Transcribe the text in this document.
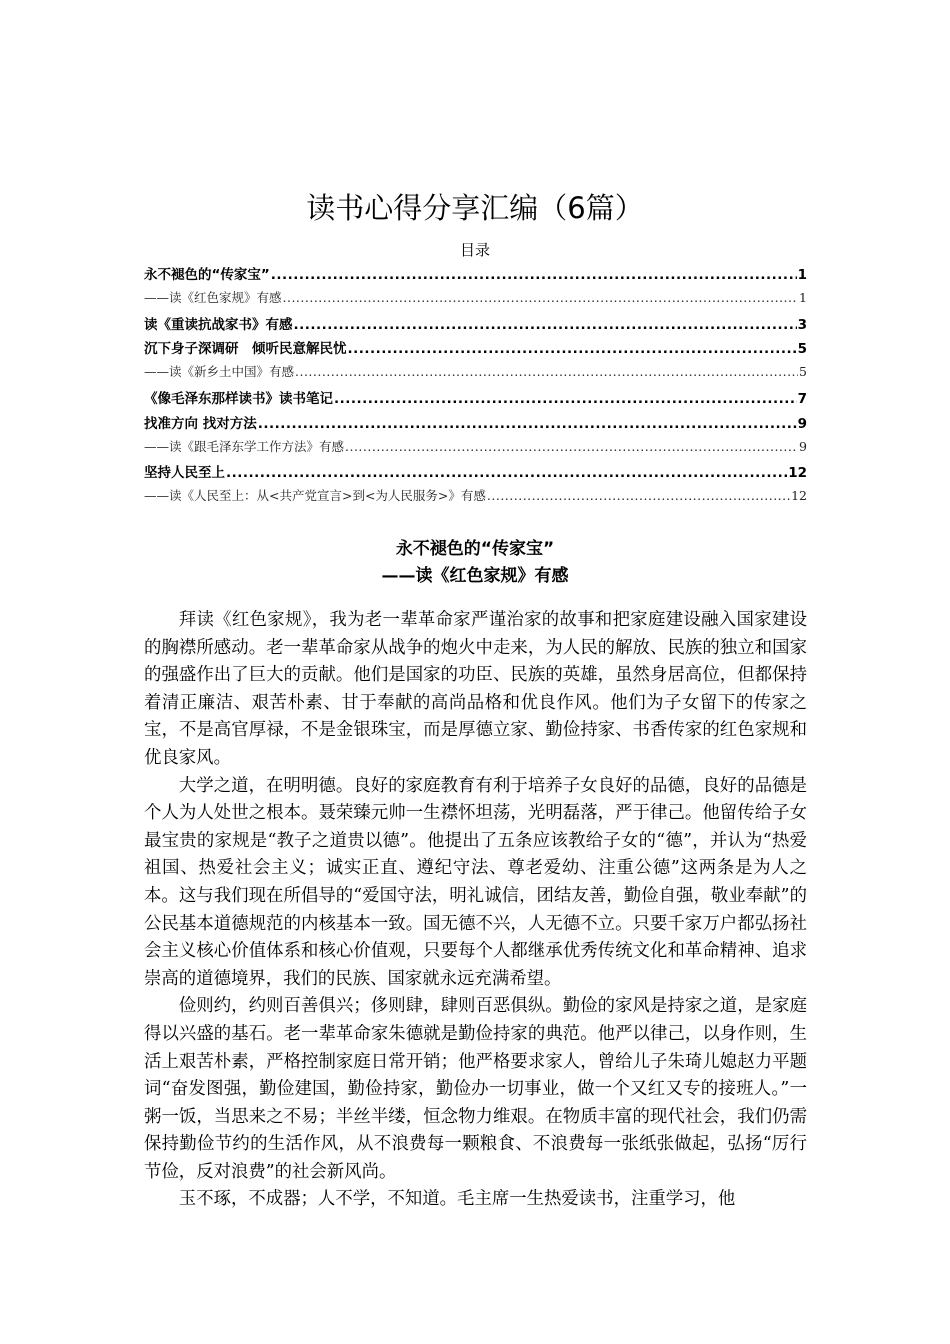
读书心得分享汇编（6篇）
目录
永不褪色的“传家宝” .....	1
——读《红色家规》有感 .....	1
读《重读抗战家书》有感 .....	3
沉下身子深调研　倾听民意解民忧 .....	5
——读《新乡土中国》有感 .....	5
《像毛泽东那样读书》读书笔记 .....	7
找准方向 找对方法 .....	9
——读《跟毛泽东学工作方法》有感 .....	9
坚持人民至上 .....	12
——读《人民至上：从<共产党宣言>到<为人民服务>》有感 .....	12
永不褪色的“传家宝”
——读《红色家规》有感

拜读《红色家规》，我为老一辈革命家严谨治家的故事和把家庭建设融入国家建设的胸襟所感动。老一辈革命家从战争的炮火中走来，为人民的解放、民族的独立和国家的强盛作出了巨大的贡献。他们是国家的功臣、民族的英雄，虽然身居高位，但都保持着清正廉洁、艰苦朴素、甘于奉献的高尚品格和优良作风。他们为子女留下的传家之宝，不是高官厚禄，不是金银珠宝，而是厚德立家、勤俭持家、书香传家的红色家规和优良家风。

大学之道，在明明德。良好的家庭教育有利于培养子女良好的品德，良好的品德是个人为人处世之根本。聂荣臻元帅一生襟怀坦荡，光明磊落，严于律己。他留传给子女最宝贵的家规是“教子之道贵以德”。他提出了五条应该教给子女的“德”，并认为“热爱祖国、热爱社会主义；诚实正直、遵纪守法、尊老爱幼、注重公德”这两条是为人之本。这与我们现在所倡导的“爱国守法，明礼诚信，团结友善，勤俭自强，敬业奉献”的公民基本道德规范的内核基本一致。国无德不兴，人无德不立。只要千家万户都弘扬社会主义核心价值体系和核心价值观，只要每个人都继承优秀传统文化和革命精神、追求崇高的道德境界，我们的民族、国家就永远充满希望。

俭则约，约则百善俱兴；侈则肆，肆则百恶俱纵。勤俭的家风是持家之道，是家庭得以兴盛的基石。老一辈革命家朱德就是勤俭持家的典范。他严以律己，以身作则，生活上艰苦朴素，严格控制家庭日常开销；他严格要求家人，曾给儿子朱琦儿媳赵力平题词“奋发图强，勤俭建国，勤俭持家，勤俭办一切事业，做一个又红又专的接班人。”一粥一饭，当思来之不易；半丝半缕，恒念物力维艰。在物质丰富的现代社会，我们仍需保持勤俭节约的生活作风，从不浪费每一颗粮食、不浪费每一张纸张做起，弘扬“厉行节俭，反对浪费”的社会新风尚。

玉不琢，不成器；人不学，不知道。毛主席一生热爱读书，注重学习，他
